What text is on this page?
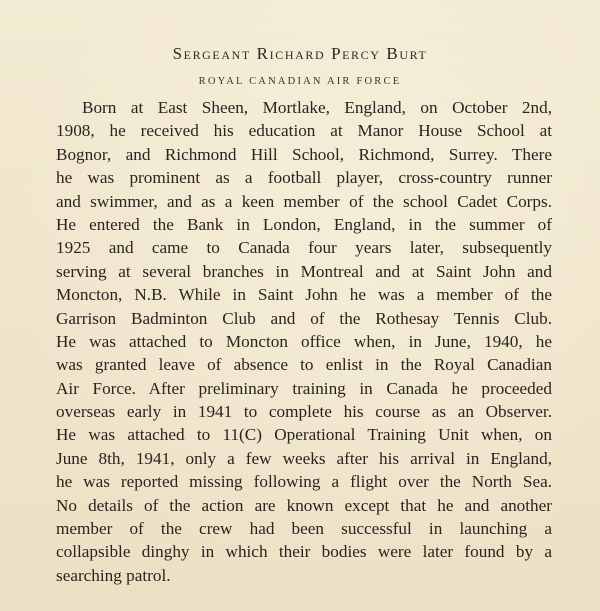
Sergeant Richard Percy Burt
ROYAL CANADIAN AIR FORCE
Born at East Sheen, Mortlake, England, on October 2nd,
1908, he received his education at Manor House School at
Bognor, and Richmond Hill School, Richmond, Surrey. There
he was prominent as a football player, cross-country runner
and swimmer, and as a keen member of the school Cadet Corps.
He entered the Bank in London, England, in the summer of
1925 and came to Canada four years later, subsequently
serving at several branches in Montreal and at Saint John and
Moncton, N.B. While in Saint John he was a member of the
Garrison Badminton Club and of the Rothesay Tennis Club.
He was attached to Moncton office when, in June, 1940, he
was granted leave of absence to enlist in the Royal Canadian
Air Force. After preliminary training in Canada he proceeded
overseas early in 1941 to complete his course as an Observer.
He was attached to 11(C) Operational Training Unit when, on
June 8th, 1941, only a few weeks after his arrival in England,
he was reported missing following a flight over the North Sea.
No details of the action are known except that he and another
member of the crew had been successful in launching a
collapsible dinghy in which their bodies were later found by a
searching patrol.
